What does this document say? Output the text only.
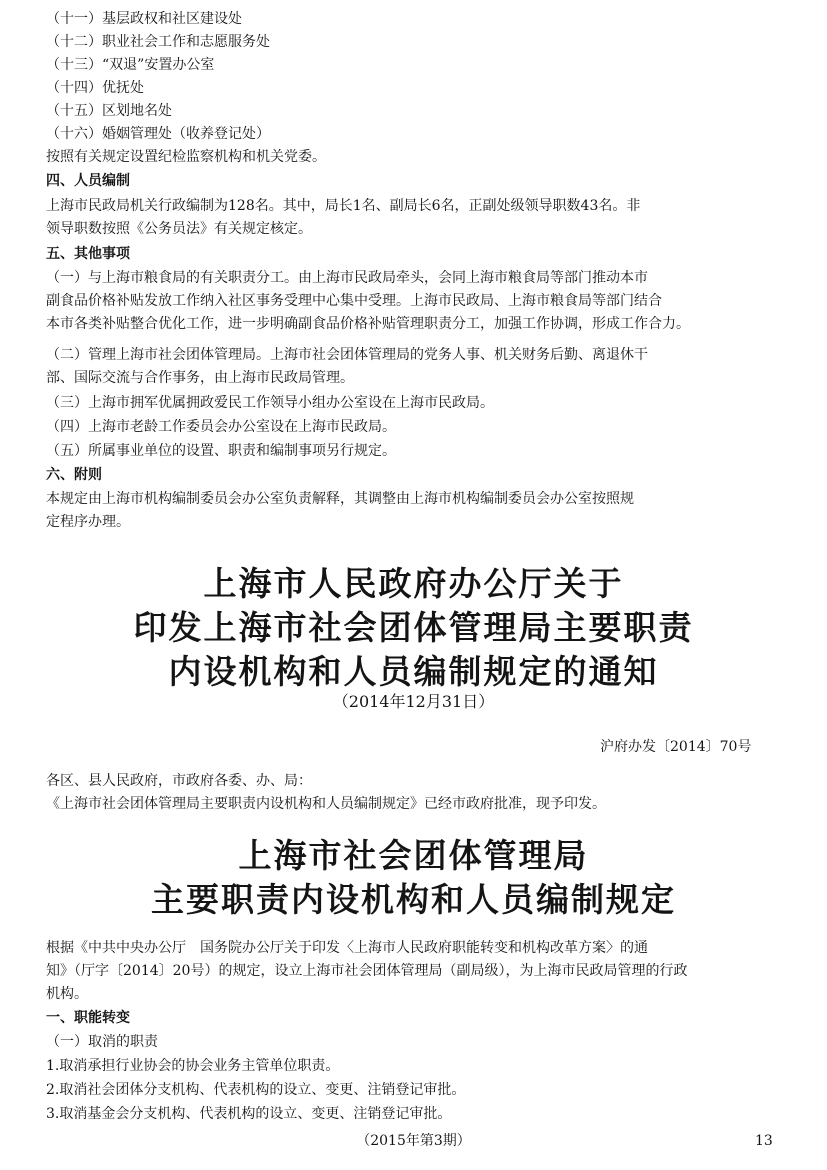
（十一）基层政权和社区建设处
（十二）职业社会工作和志愿服务处
（十三）“双退”安置办公室
（十四）优抚处
（十五）区划地名处
（十六）婚姻管理处（收养登记处）
按照有关规定设置纪检监察机构和机关党委。
四、人员编制
上海市民政局机关行政编制为128名。其中，局长1名、副局长6名，正副处级领导职数43名。非
领导职数按照《公务员法》有关规定核定。
五、其他事项
（一）与上海市粮食局的有关职责分工。由上海市民政局牵头，会同上海市粮食局等部门推动本市
副食品价格补贴发放工作纳入社区事务受理中心集中受理。上海市民政局、上海市粮食局等部门结合
本市各类补贴整合优化工作，进一步明确副食品价格补贴管理职责分工，加强工作协调，形成工作合力。
（二）管理上海市社会团体管理局。上海市社会团体管理局的党务人事、机关财务后勤、离退休干
部、国际交流与合作事务，由上海市民政局管理。
（三）上海市拥军优属拥政爱民工作领导小组办公室设在上海市民政局。
（四）上海市老龄工作委员会办公室设在上海市民政局。
（五）所属事业单位的设置、职责和编制事项另行规定。
六、附则
本规定由上海市机构编制委员会办公室负责解释，其调整由上海市机构编制委员会办公室按照规
定程序办理。
上海市人民政府办公厅关于
印发上海市社会团体管理局主要职责
内设机构和人员编制规定的通知
（2014年12月31日）
沪府办发〔2014〕70号
各区、县人民政府，市政府各委、办、局：
《上海市社会团体管理局主要职责内设机构和人员编制规定》已经市政府批准，现予印发。
上海市社会团体管理局
主要职责内设机构和人员编制规定
根据《中共中央办公厅　国务院办公厅关于印发〈上海市人民政府职能转变和机构改革方案〉的通
知》（厅字〔2014〕20号）的规定，设立上海市社会团体管理局（副局级），为上海市民政局管理的行政
机构。
一、职能转变
（一）取消的职责
1.取消承担行业协会的协会业务主管单位职责。
2.取消社会团体分支机构、代表机构的设立、变更、注销登记审批。
3.取消基金会分支机构、代表机构的设立、变更、注销登记审批。
（2015年第3期）	13
